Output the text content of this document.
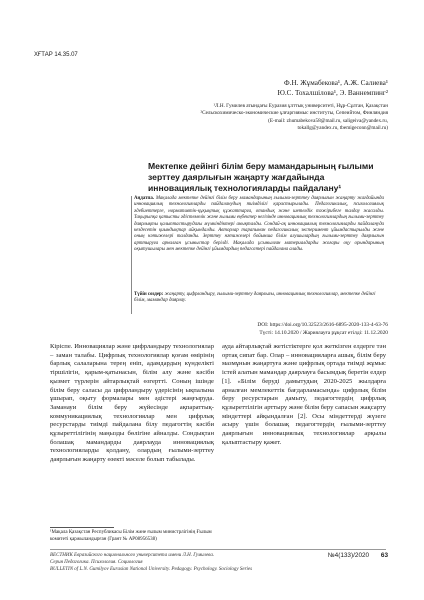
ХҒТАР 14.35.07
Ф.Н. Жұмабекова¹, А.Ж. Салиева¹
Ю.С. Тохалшілова¹, Э. Ваннемпинг²
¹Л.Н. Гумилев атындағы Еуразия ұлттық университеті, Нұр-Сұлтан, Қазақстан
²Сельскохимическо-экономические ұлғаргиямыс институты, Сепеийтом, Финляндия
(E-mail: zhumabekova58@mail.ru, saligeiva@yandex.ru,
tokallg@yandex.ru, tbemigeconn@mail.ru)
Мектепке дейінгі білім беру мамандарының ғылыми зерттеу даярлығын жаңарту жағдайында инновациялық технологияларды пайдалану¹
Аңдатпа. Мақалада мектепке дейінгі білім беру мамандарының ғылыми-зерттеу даярлығын жаңарту жағдайында инновациялық технологияларды пайдаланудың тиімділігі қарастырылады. Педагогикалық, психологиялық әдебиеттерге, нормативтік-құқықтық құжаттарға, отандық және шетелдік тәжірибеге талдау жасалды. Тақырыпқа қатысты әдістемелік және ғылыми еңбектер негізінде инновациялық технологиялардың ғылыми-зерттеу даярлықты қалыптастырудағы мүмкіндіктері анықталды. Сондай-ақ инновациялық технологияларды пайдалануда кездесетін қиындықтар айқындалды. Авторлар тарапынан педагогикалық эксперимент ұйымдастырылды және оның нәтижелері талданды. Зерттеу нәтижелері бойынша білім алушылардың ғылыми-зерттеу даярлығын арттыруға арналған ұсыныстар берілді. Мақалада ұсынылған материалдарды жоғары оқу орындарының оқытушылары мен мектепке дейінгі ұйымдардың педагогтері пайдалана алады.
Түйін сөздер: жаңарту, цифрландыру, ғылыми-зерттеу даярлығы, инновациялық технологиялар, мектепке дейінгі білім, мамандар даярлау.
DOI: https://doi.org/10.32523/2616-6895-2020-133-4-63-76
Түсті: 14.10.2020 / Жариялауға рұқсат етілді: 11.12.2020
Кіріспе. Инновациялар және цифрландыру технологиялар – заман талабы. Цифрлық технологиялар қоғам өмірінің барлық салаларына терең еніп, адамдардың күнделікті тіршілігін, қарым-қатынасын, білім алу және кәсіби қызмет түрлерін айтарлықтай өзгертті. Соның ішінде білім беру саласы да цифрландыру үдерісінің ықпалына ұшырап, оқыту формалары мен әдістері жаңғыруда. Заманауи білім беру жүйесінде ақпараттық-коммуникациялық технологиялар мен цифрлық ресурстарды тиімді пайдалана білу педагогтің кәсіби құзыреттілігінің маңызды бөлігіне айналды. Сондықтан болашақ мамандарды даярлауда инновациялық технологияларды қолдану, олардың ғылыми-зерттеу даярлығын жаңарту өзекті мәселе болып табылады.
ауда айтарлықтай жетістіктерге қол жеткізген елдерге тән ортақ сипат бар. Олар – инновацияларға ашық, білім беру мазмұнын жаңартуға және цифрлық ортада тиімді жұмыс істей алатын мамандар даярлауға басымдық беретін елдер [1]. «Білім беруді дамытудың 2020-2025 жылдарға арналған мемлекеттік бағдарламасында» цифрлық білім беру ресурстарын дамыту, педагогтердің цифрлық құзыреттілігін арттыру және білім беру сапасын жақсарту міндеттері айқындалған [2]. Осы міндеттерді жүзеге асыру үшін болашақ педагогтердің ғылыми-зерттеу даярлығын инновациялық технологиялар арқылы қалыптастыру қажет.
¹Мақала Қазақстан Республикасы Білім және ғылым министрлігінің Ғылым комитеті қаржыландырған (Грант № AP08956538)
ВЕСТНИК Евразийского национального университета имени Л.Н. Гумилева.
Серия Педагогика. Психология. Социология
BULLETIN of L.N. Gumilyov Eurasian National University. Pedagogy. Psychology. Sociology Series
№4(133)/2020 63
